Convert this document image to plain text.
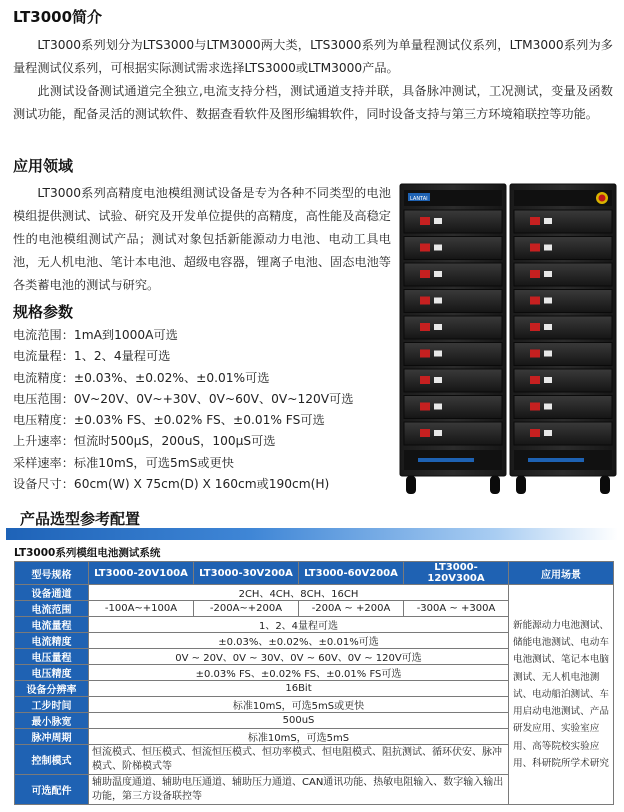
LT3000简介

LT3000系列划分为LTS3000与LTM3000两大类，LTS3000系列为单量程测试仪系列，LTM3000系列为多量程测试仪系列，可根据实际测试需求选择LTS3000或LTM3000产品。

此测试设备测试通道完全独立,电流支持分档，测试通道支持并联，具备脉冲测试，工况测试，变量及函数测试功能，配备灵活的测试软件、数据查看软件及图形编辑软件，同时设备支持与第三方环境箱联控等功能。

应用领域

LT3000系列高精度电池模组测试设备是专为各种不同类型的电池模组提供测试、试验、研究及开发单位提供的高精度，高性能及高稳定性的电池模组测试产品；测试对象包括新能源动力电池、电动工具电池，无人机电池、笔计本电池、超级电容器，锂离子电池、固态电池等各类蓄电池的测试与研究。

规格参数
电流范围：1mA到1000A可选
电流量程：1、2、4量程可选
电流精度：±0.03%、±0.02%、±0.01%可选
电压范围：0V~20V、0V~+30V、0V~60V、0V~120V可选
电压精度：±0.03% FS、±0.02% FS、±0.01% FS可选
上升速率：恒流时500μS，200uS，100μS可选
采样速率：标准10mS，可选5mS或更快
设备尺寸：60cm(W) X 75cm(D) X 160cm或190cm(H)
LANTAI
产品选型参考配置
LT3000系列模组电池测试系统
型号规格	LT3000-20V100A	LT3000-30V200A	LT3000-60V200A	LT3000-120V300A	应用场景
设备通道	2CH、4CH、8CH、16CH				新能源动力电池测试、储能电池测试、电动车电池测试、笔记本电脑测试、无人机电池测试、电动船泊测试、车用启动电池测试、产品研发应用、实验室应用、高等院校实验应用、科研院所学术研究
电流范围	-100A~+100A	-200A~+200A	-200A ~ +200A	-300A ~ +300A	
电流量程	1、2、4量程可选				
电流精度	±0.03%、±0.02%、±0.01%可选				
电压量程	0V ~ 20V、0V ~ 30V、0V ~ 60V、0V ~ 120V可选				
电压精度	±0.03% FS、±0.02% FS、±0.01% FS可选				
设备分辨率	16Bit				
工步时间	标准10mS，可选5mS或更快				
最小脉宽	500uS				
脉冲周期	标准10mS，可选5mS				
控制模式	恒流模式、恒压模式、恒流恒压模式、恒功率模式、恒电阻模式、阻抗测试、循环伏安、脉冲模式、阶梯模式等				
可选配件	辅助温度通道、辅助电压通道、辅助压力通道、CAN通讯功能、热敏电阻输入、数字输入输出功能，第三方设备联控等				
